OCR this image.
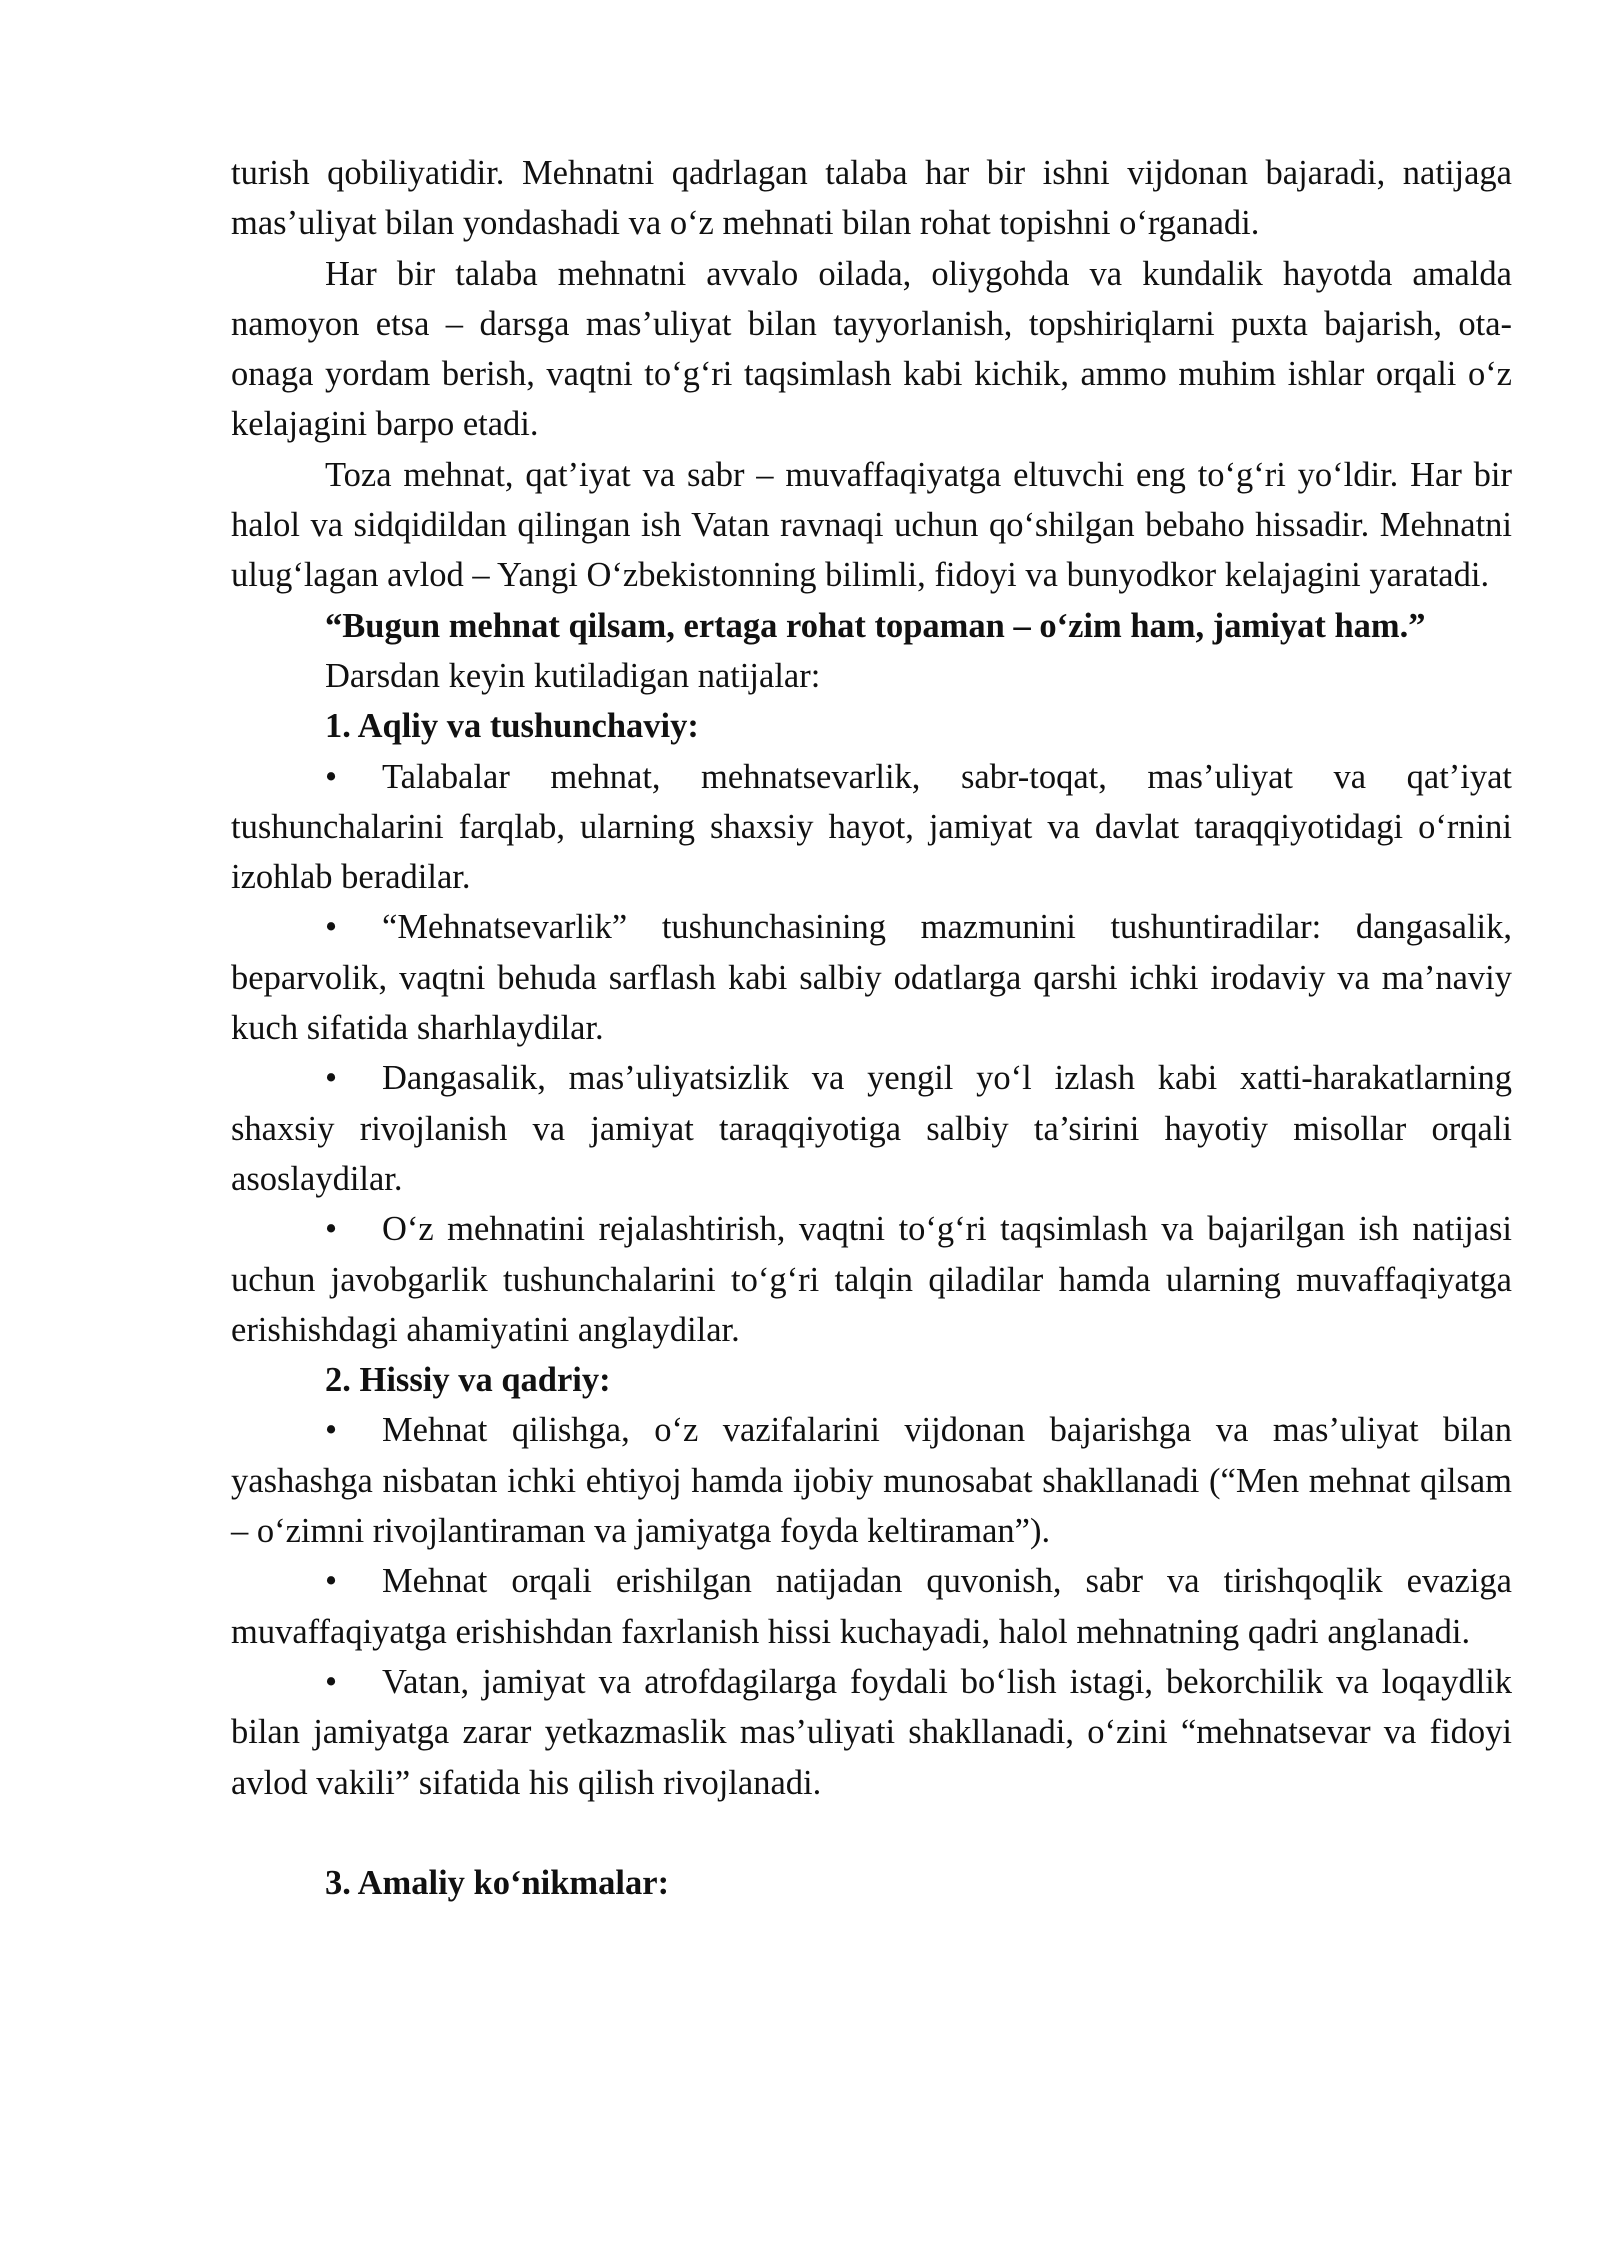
turish qobiliyatidir. Mehnatni qadrlagan talaba har bir ishni vijdonan bajaradi, natijaga mas’uliyat bilan yondashadi va o‘z mehnati bilan rohat topishni o‘rganadi.

Har bir talaba mehnatni avvalo oilada, oliygohda va kundalik hayotda amalda namoyon etsa – darsga mas’uliyat bilan tayyorlanish, topshiriqlarni puxta bajarish, ota-onaga yordam berish, vaqtni to‘g‘ri taqsimlash kabi kichik, ammo muhim ishlar orqali o‘z kelajagini barpo etadi.

Toza mehnat, qat’iyat va sabr – muvaffaqiyatga eltuvchi eng to‘g‘ri yo‘ldir. Har bir halol va sidqidildan qilingan ish Vatan ravnaqi uchun qo‘shilgan bebaho hissadir. Mehnatni ulug‘lagan avlod – Yangi O‘zbekistonning bilimli, fidoyi va bunyodkor kelajagini yaratadi.

“Bugun mehnat qilsam, ertaga rohat topaman – o‘zim ham, jamiyat ham.”

Darsdan keyin kutiladigan natijalar:

1. Aqliy va tushunchaviy:

• Talabalar mehnat, mehnatsevarlik, sabr-toqat, mas’uliyat va qat’iyat tushunchalarini farqlab, ularning shaxsiy hayot, jamiyat va davlat taraqqiyotidagi o‘rnini izohlab beradilar.

• “Mehnatsevarlik” tushunchasining mazmunini tushuntiradilar: dangasalik, beparvolik, vaqtni behuda sarflash kabi salbiy odatlarga qarshi ichki irodaviy va ma’naviy kuch sifatida sharhlaydilar.

• Dangasalik, mas’uliyatsizlik va yengil yo‘l izlash kabi xatti-harakatlarning shaxsiy rivojlanish va jamiyat taraqqiyotiga salbiy ta’sirini hayotiy misollar orqali asoslaydilar.

• O‘z mehnatini rejalashtirish, vaqtni to‘g‘ri taqsimlash va bajarilgan ish natijasi uchun javobgarlik tushunchalarini to‘g‘ri talqin qiladilar hamda ularning muvaffaqiyatga erishishdagi ahamiyatini anglaydilar.

2. Hissiy va qadriy:

• Mehnat qilishga, o‘z vazifalarini vijdonan bajarishga va mas’uliyat bilan yashashga nisbatan ichki ehtiyoj hamda ijobiy munosabat shakllanadi (“Men mehnat qilsam – o‘zimni rivojlantiraman va jamiyatga foyda keltiraman”).

• Mehnat orqali erishilgan natijadan quvonish, sabr va tirishqoqlik evaziga muvaffaqiyatga erishishdan faxrlanish hissi kuchayadi, halol mehnatning qadri anglanadi.

• Vatan, jamiyat va atrofdagilarga foydali bo‘lish istagi, bekorchilik va loqaydlik bilan jamiyatga zarar yetkazmaslik mas’uliyati shakllanadi, o‘zini “mehnatsevar va fidoyi avlod vakili” sifatida his qilish rivojlanadi.

3. Amaliy ko‘nikmalar:
